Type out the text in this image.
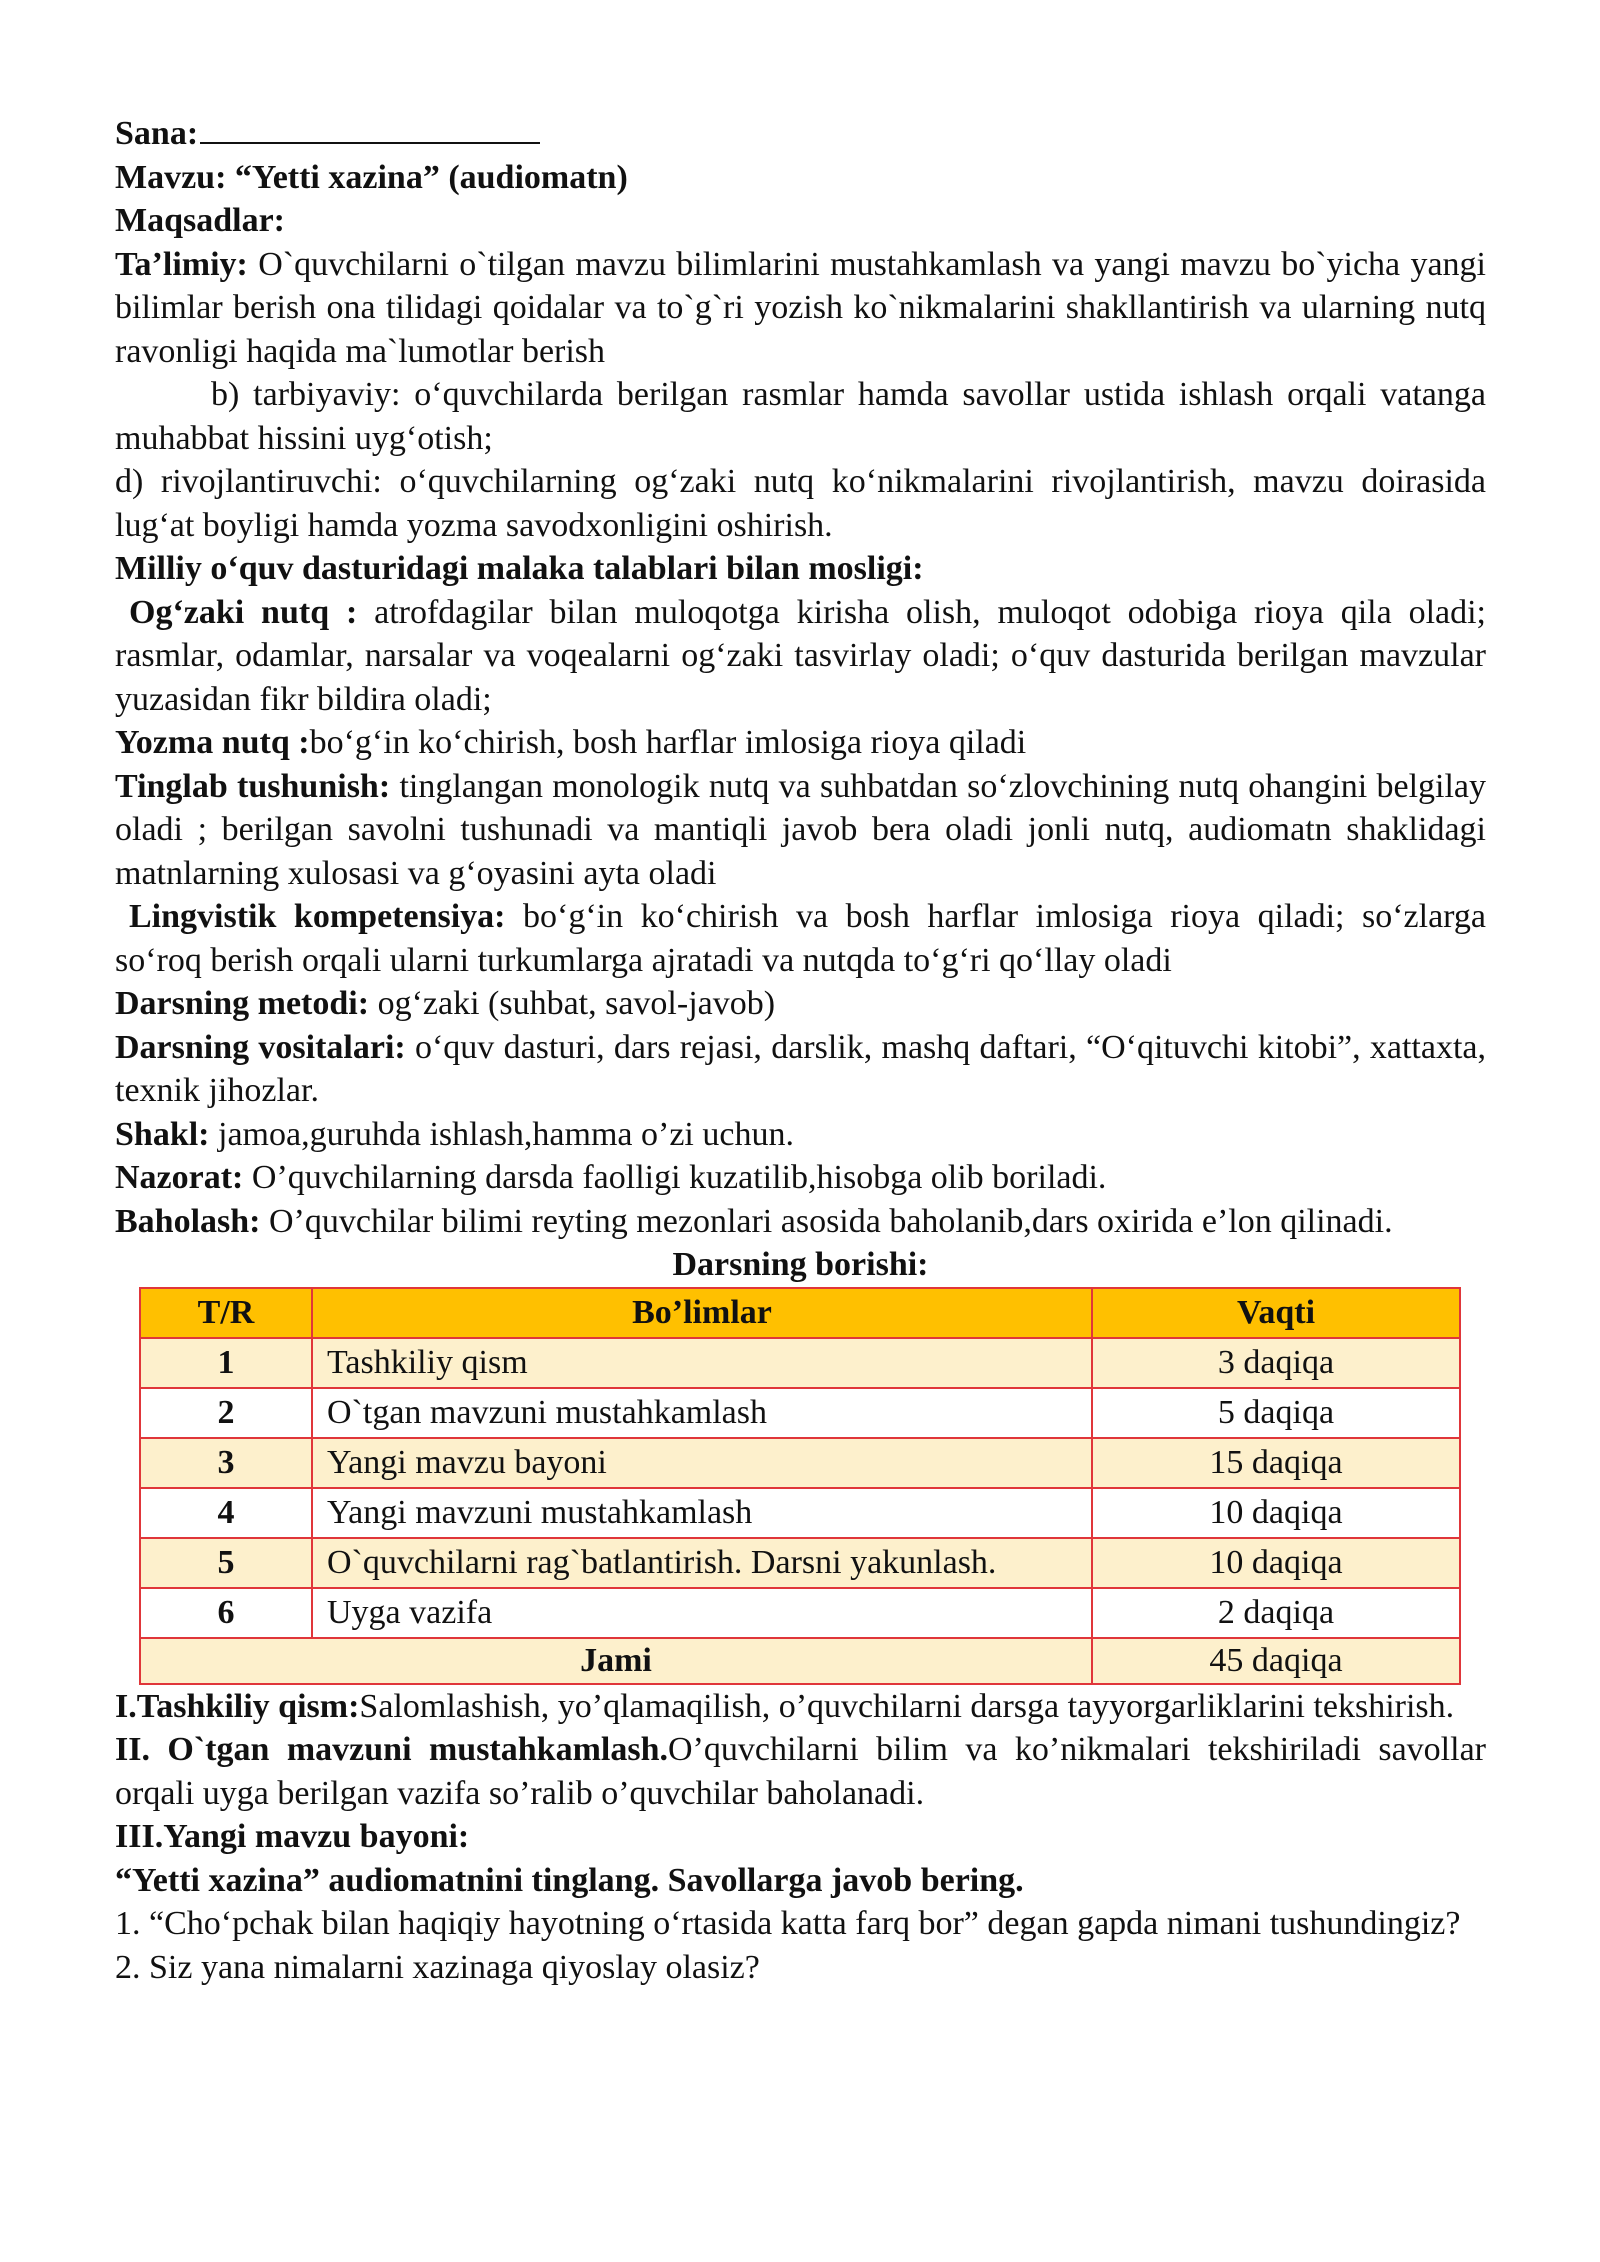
Sana:

Mavzu: “Yetti xazina” (audiomatn)

Maqsadlar:

Ta’limiy: O`quvchilarni o`tilgan mavzu bilimlarini mustahkamlash va yangi mavzu bo`yicha yangi bilimlar berish ona tilidagi qoidalar va to`g`ri yozish ko`nikmalarini shakllantirish va ularning nutq ravonligi haqida ma`lumotlar berish

b) tarbiyaviy: o‘quvchilarda berilgan rasmlar hamda savollar ustida ishlash orqali vatanga muhabbat hissini uyg‘otish;

d) rivojlantiruvchi: o‘quvchilarning og‘zaki nutq ko‘nikmalarini rivojlantirish, mavzu doirasida lug‘at boyligi hamda yozma savodxonligini oshirish.

Milliy o‘quv dasturidagi malaka talablari bilan mosligi:

Og‘zaki nutq : atrofdagilar bilan muloqotga kirisha olish, muloqot odobiga rioya qila oladi; rasmlar, odamlar, narsalar va voqealarni og‘zaki tasvirlay oladi; o‘quv dasturida berilgan mavzular yuzasidan fikr bildira oladi;

Yozma nutq :bo‘g‘in ko‘chirish, bosh harflar imlosiga rioya qiladi

Tinglab tushunish: tinglangan monologik nutq va suhbatdan so‘zlovchining nutq ohangini belgilay oladi ; berilgan savolni tushunadi va mantiqli javob bera oladi jonli nutq, audiomatn shaklidagi matnlarning xulosasi va g‘oyasini ayta oladi

Lingvistik kompetensiya: bo‘g‘in ko‘chirish va bosh harflar imlosiga rioya qiladi; so‘zlarga so‘roq berish orqali ularni turkumlarga ajratadi va nutqda to‘g‘ri qo‘llay oladi

Darsning metodi: og‘zaki (suhbat, savol-javob)

Darsning vositalari: o‘quv dasturi, dars rejasi, darslik, mashq daftari, “O‘qituvchi kitobi”, xattaxta, texnik jihozlar.

Shakl: jamoa,guruhda ishlash,hamma o’zi uchun.

Nazorat: O’quvchilarning darsda faolligi kuzatilib,hisobga olib boriladi.

Baholash: O’quvchilar bilimi reyting mezonlari asosida baholanib,dars oxirida e’lon qilinadi.

Darsning borishi:

T/R	Bo’limlar	Vaqti
1	Tashkiliy qism	3 daqiqa
2	O`tgan mavzuni mustahkamlash	5 daqiqa
3	Yangi mavzu bayoni	15 daqiqa
4	Yangi mavzuni mustahkamlash	10 daqiqa
5	O`quvchilarni rag`batlantirish. Darsni yakunlash.	10 daqiqa
6	Uyga vazifa	2 daqiqa
Jami		45 daqiqa

I.Tashkiliy qism:Salomlashish, yo’qlamaqilish, o’quvchilarni darsga tayyorgarliklarini tekshirish.

II. O`tgan mavzuni mustahkamlash.O’quvchilarni bilim va ko’nikmalari tekshiriladi savollar orqali uyga berilgan vazifa so’ralib o’quvchilar baholanadi.

III.Yangi mavzu bayoni:

“Yetti xazina” audiomatnini tinglang. Savollarga javob bering.

1. “Cho‘pchak bilan haqiqiy hayotning o‘rtasida katta farq bor” degan gapda nimani tushundingiz?

2. Siz yana nimalarni xazinaga qiyoslay olasiz?
